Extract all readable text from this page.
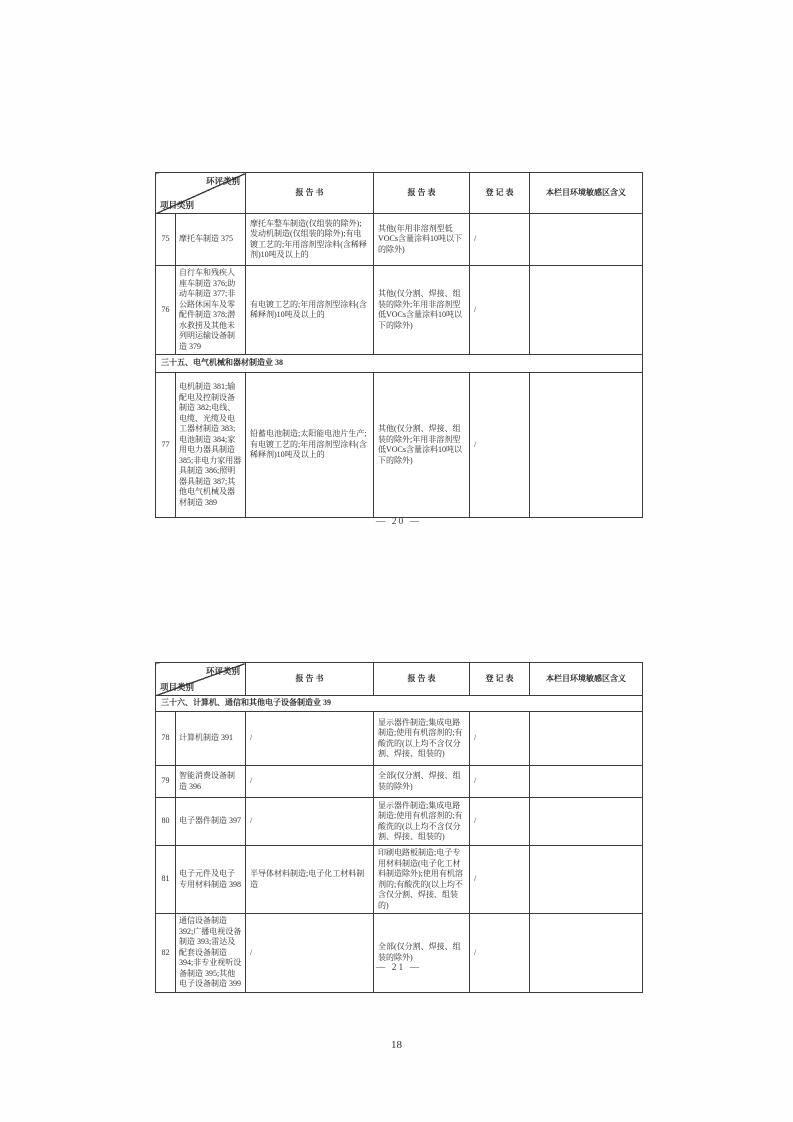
环评类别
项目类别		报 告 书	报 告 表	登 记 表	本栏目环境敏感区含义
75	摩托车制造 375	摩托车整车制造(仅组装的除外);发动机制造(仅组装的除外);有电镀工艺的;年用溶剂型涂料(含稀释剂)10吨及以上的	其他(年用非溶剂型低VOCs含量涂料10吨以下的除外)	/	
76	自行车和残疾人座车制造 376;助动车制造 377;非公路休闲车及零配件制造 378;潜水救捞及其他未列明运输设备制造 379	有电镀工艺的;年用溶剂型涂料(含稀释剂)10吨及以上的	其他(仅分割、焊接、组装的除外;年用非溶剂型低VOCs含量涂料10吨以下的除外)	/	
三十五、电气机械和器材制造业 38					
77	电机制造 381;输配电及控制设备制造 382;电线、电缆、光缆及电工器材制造 383;电池制造 384;家用电力器具制造 385;非电力家用器具制造 386;照明器具制造 387;其他电气机械及器材制造 389	铅蓄电池制造;太阳能电池片生产;有电镀工艺的;年用溶剂型涂料(含稀释剂)10吨及以上的	其他(仅分割、焊接、组装的除外;年用非溶剂型低VOCs含量涂料10吨以下的除外)	/	
— 20 —
环评类别
项目类别		报 告 书	报 告 表	登 记 表	本栏目环境敏感区含义
三十六、计算机、通信和其他电子设备制造业 39					
78	计算机制造 391	/	显示器件制造;集成电路制造;使用有机溶剂的;有酸洗的(以上均不含仅分割、焊接、组装的)	/	
79	智能消费设备制造 396	/	全部(仅分割、焊接、组装的除外)	/	
80	电子器件制造 397	/	显示器件制造;集成电路制造;使用有机溶剂的;有酸洗的(以上均不含仅分割、焊接、组装的)	/	
81	电子元件及电子专用材料制造 398	半导体材料制造;电子化工材料制造	印刷电路板制造;电子专用材料制造(电子化工材料制造除外);使用有机溶剂的;有酸洗的(以上均不含仅分割、焊接、组装的)	/	
82	通信设备制造 392;广播电视设备制造 393;雷达及配套设备制造 394;非专业视听设备制造 395;其他电子设备制造 399	/	全部(仅分割、焊接、组装的除外)	/	
— 21 —
18
